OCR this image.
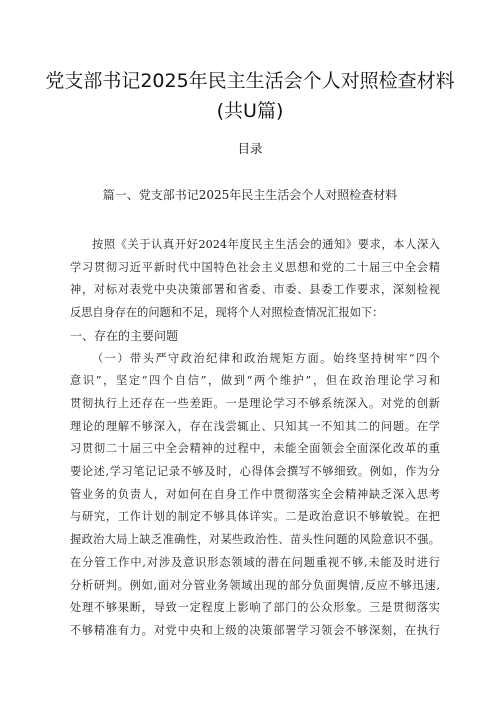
党支部书记2025年民主生活会个人对照检查材料
(共U篇)
目录
篇一、党支部书记2025年民主生活会个人对照检查材料

按照《关于认真开好2024年度民主生活会的通知》要求，本人深入

学习贯彻习近平新时代中国特色社会主义思想和党的二十届三中全会精

神，对标对表党中央决策部署和省委、市委、县委工作要求，深刻检视

反思自身存在的问题和不足，现将个人对照检查情况汇报如下：

一、存在的主要问题

（一）带头严守政治纪律和政治规矩方面。始终坚持树牢“四个

意识”，坚定“四个自信”，做到“两个维护”，但在政治理论学习和

贯彻执行上还存在一些差距。一是理论学习不够系统深入。对党的创新

理论的理解不够深入，存在浅尝辄止、只知其一不知其二的问题。在学

习贯彻二十届三中全会精神的过程中，未能全面领会全面深化改革的重

要论述,学习笔记记录不够及时，心得体会撰写不够细致。例如，作为分

管业务的负责人，对如何在自身工作中贯彻落实全会精神缺乏深入思考

与研究，工作计划的制定不够具体详实。二是政治意识不够敏锐。在把

握政治大局上缺乏准确性，对某些政治性、苗头性问题的风险意识不强。

在分管工作中,对涉及意识形态领域的潜在问题重视不够,未能及时进行

分析研判。例如,面对分管业务领域出现的部分负面舆情,反应不够迅速,

处理不够果断，导致一定程度上影响了部门的公众形象。三是贯彻落实

不够精准有力。对党中央和上级的决策部署学习领会不够深刻，在执行
